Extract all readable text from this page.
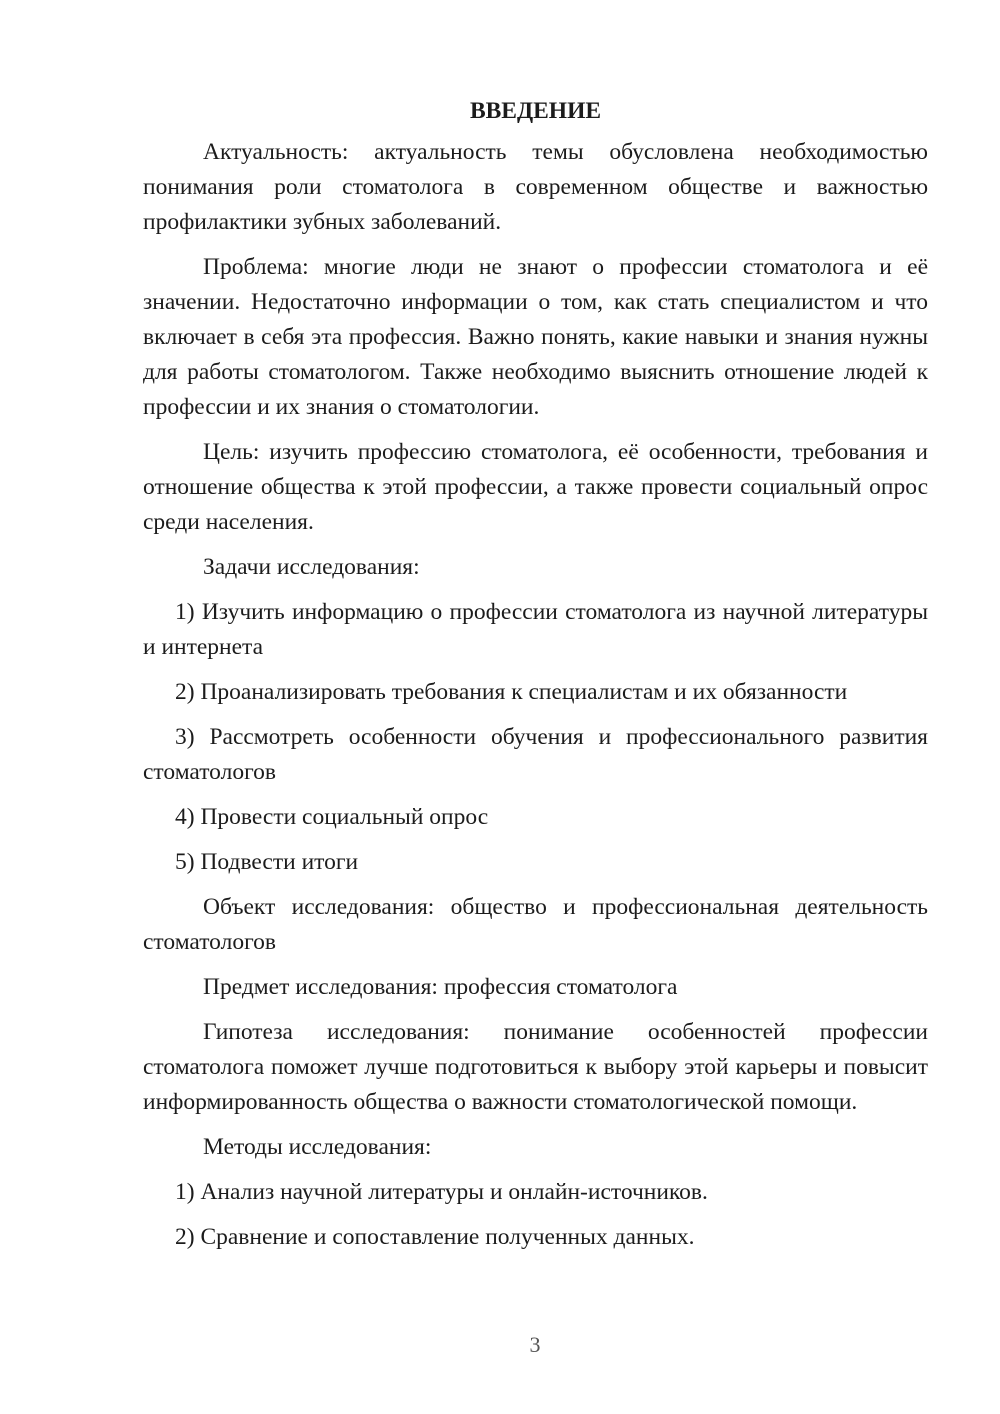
ВВЕДЕНИЕ

Актуальность: актуальность темы обусловлена необходимостью понимания роли стоматолога в современном обществе и важностью профилактики зубных заболеваний.

Проблема: многие люди не знают о профессии стоматолога и её значении. Недостаточно информации о том, как стать специалистом и что включает в себя эта профессия. Важно понять, какие навыки и знания нужны для работы стоматологом. Также необходимо выяснить отношение людей к профессии и их знания о стоматологии.

Цель: изучить профессию стоматолога, её особенности, требования и отношение общества к этой профессии, а также провести социальный опрос среди населения.

Задачи исследования:

1) Изучить информацию о профессии стоматолога из научной литературы и интернета

2) Проанализировать требования к специалистам и их обязанности

3) Рассмотреть особенности обучения и профессионального развития стоматологов

4) Провести социальный опрос

5) Подвести итоги

Объект исследования: общество и профессиональная деятельность стоматологов

Предмет исследования: профессия стоматолога

Гипотеза исследования: понимание особенностей профессии стоматолога поможет лучше подготовиться к выбору этой карьеры и повысит информированность общества о важности стоматологической помощи.

Методы исследования:

1) Анализ научной литературы и онлайн-источников.

2) Сравнение и сопоставление полученных данных.

3
